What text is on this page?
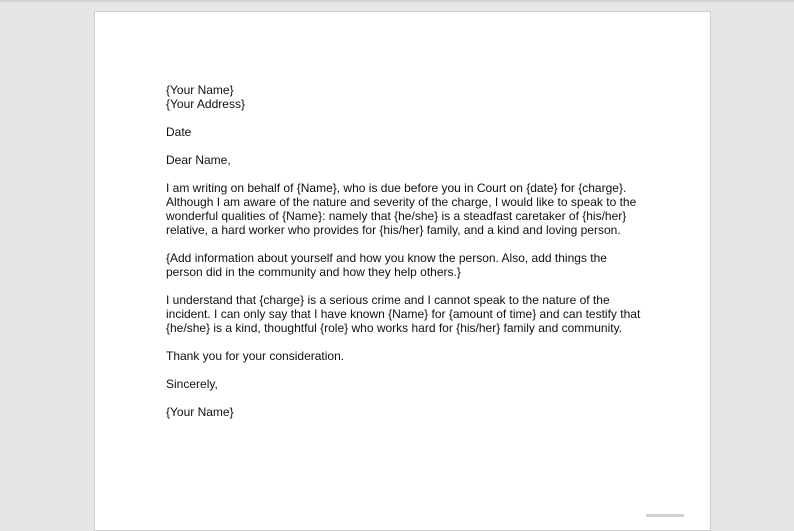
{Your Name}

{Your Address}

Date

Dear Name,

I am writing on behalf of {Name}, who is due before you in Court on {date} for {charge}. Although I am aware of the nature and severity of the charge, I would like to speak to the wonderful qualities of {Name}: namely that {he/she} is a steadfast caretaker of {his/her} relative, a hard worker who provides for {his/her} family, and a kind and loving person.

{Add information about yourself and how you know the person. Also, add things the person did in the community and how they help others.}

I understand that {charge} is a serious crime and I cannot speak to the nature of the incident. I can only say that I have known {Name} for {amount of time} and can testify that {he/she} is a kind, thoughtful {role} who works hard for {his/her} family and community.

Thank you for your consideration.

Sincerely,

{Your Name}
